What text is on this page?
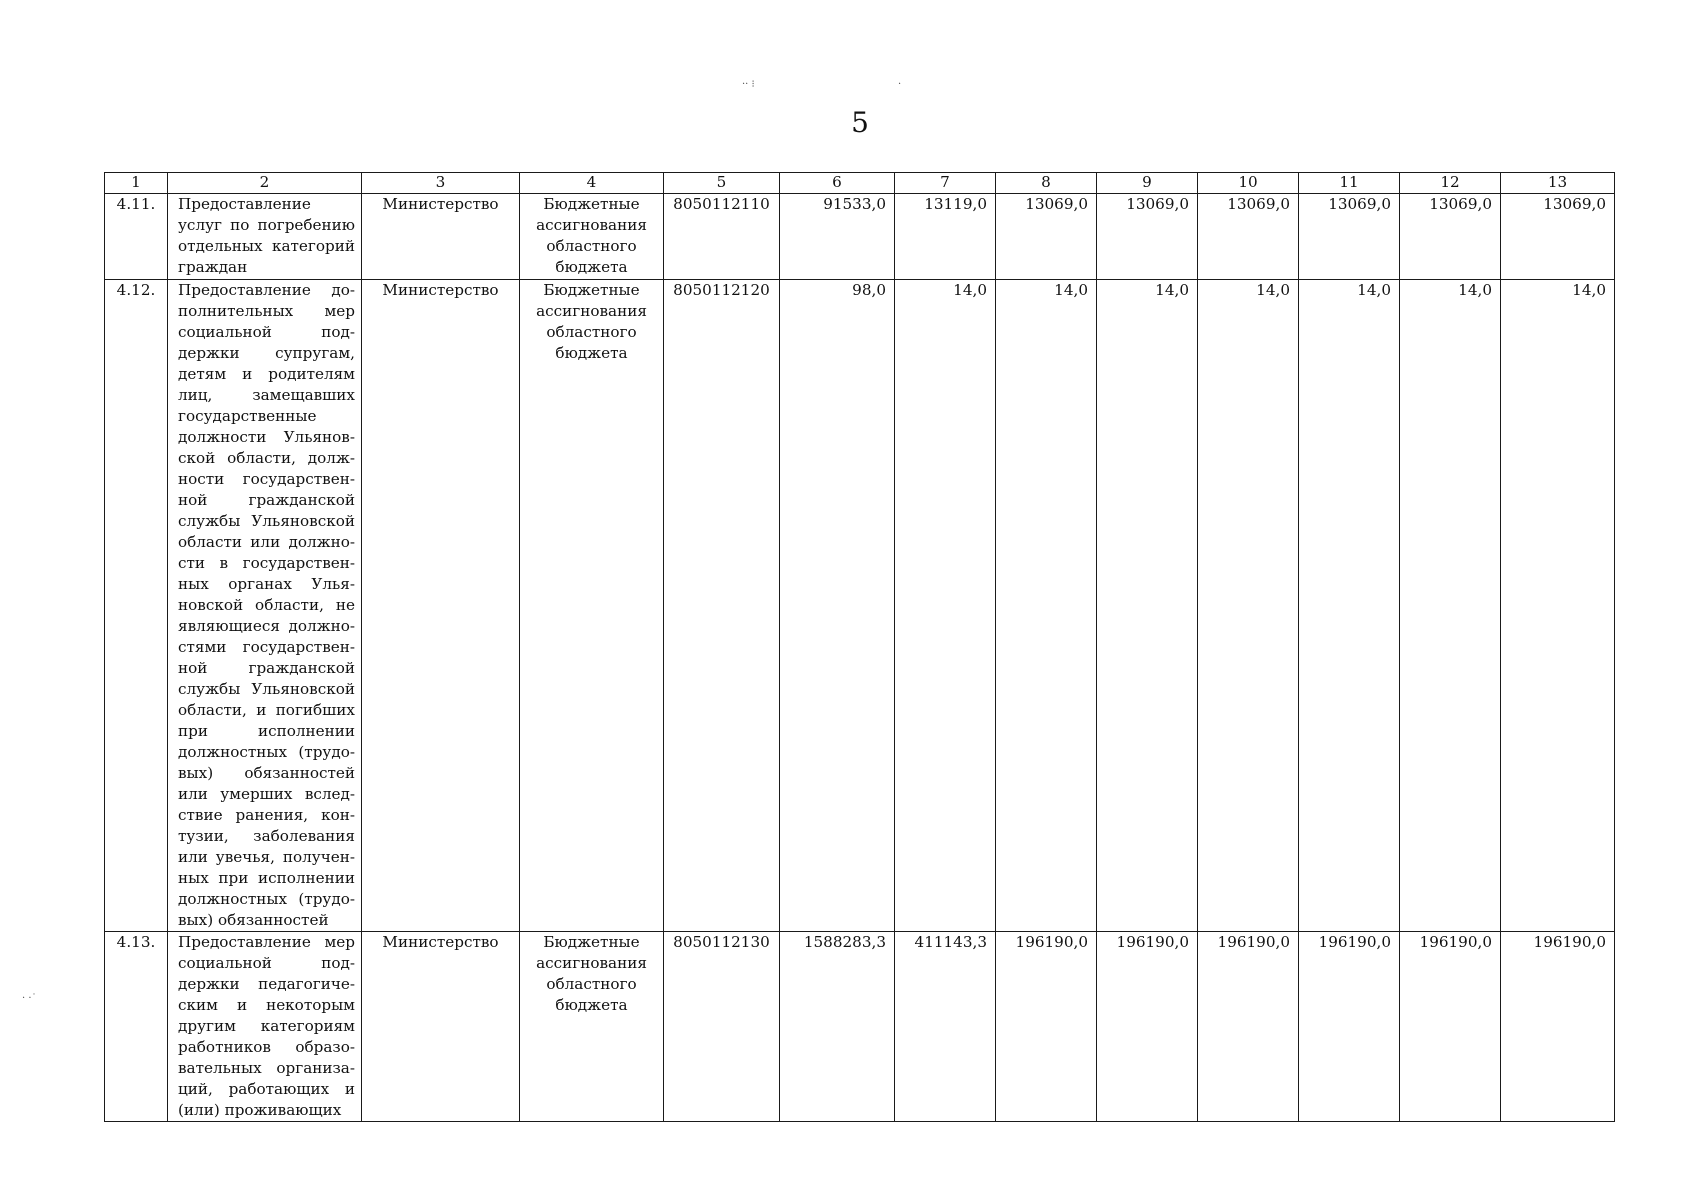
5
·· ⁝	·
· ·˙
1	2	3	4	5	6	7	8	9	10	11	12	13
4.11.	Предоставление услуг по погребению отдельных категорий граждан	Министерство	Бюджетные ассигнования областного бюджета	8050112110	91533,0	13119,0	13069,0	13069,0	13069,0	13069,0	13069,0	13069,0
4.12.	Предоставление дополнительных мер социальной поддержки супругам, детям и родителям лиц, замещавших государственные должности Ульяновской области, должности государственной гражданской службы Ульяновской области или должности в государственных органах Ульяновской области, не являющиеся должностями государственной гражданской службы Ульяновской области, и погибших при исполнении должностных (трудовых) обязанностей или умерших вследствие ранения, контузии, заболевания или увечья, полученных при исполнении должностных (трудовых) обязанностей	Министерство	Бюджетные ассигнования областного бюджета	8050112120	98,0	14,0	14,0	14,0	14,0	14,0	14,0	14,0
4.13.	Предоставление мер социальной поддержки педагогическим и некоторым другим категориям работников образовательных организаций, работающих и (или) проживающих	Министерство	Бюджетные ассигнования областного бюджета	8050112130	1588283,3	411143,3	196190,0	196190,0	196190,0	196190,0	196190,0	196190,0
